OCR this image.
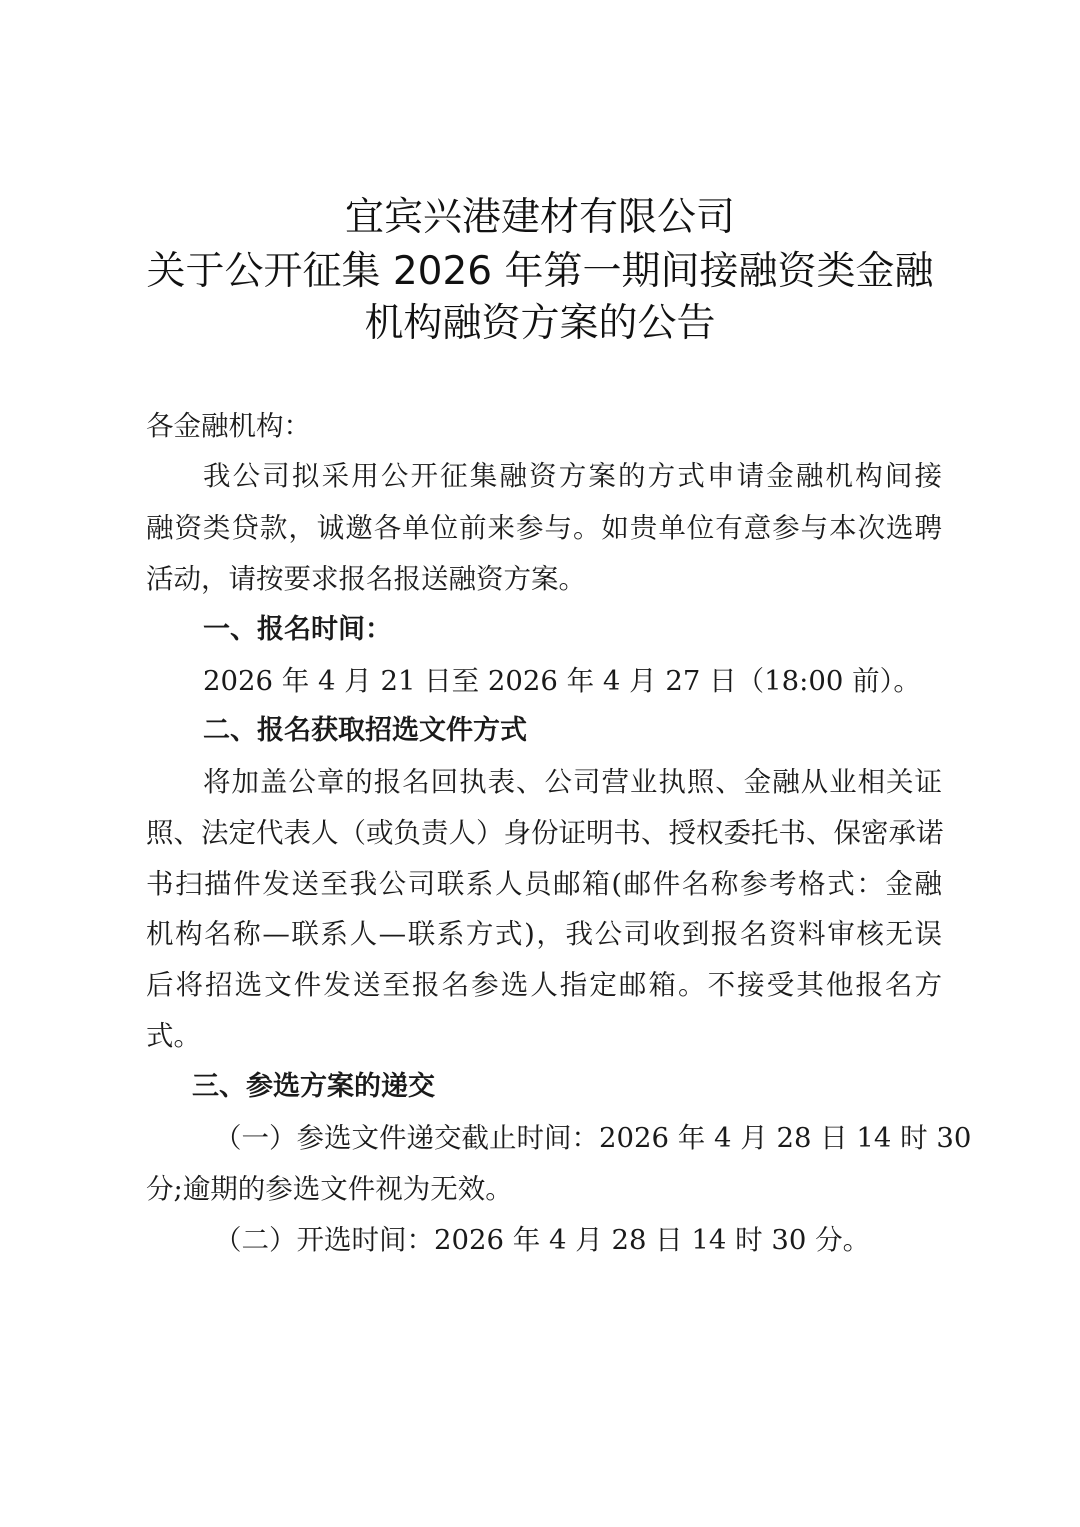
宜宾兴港建材有限公司
关于公开征集 2026 年第一期间接融资类金融
机构融资方案的公告
各金融机构：
我公司拟采用公开征集融资方案的方式申请金融机构间接
融资类贷款，诚邀各单位前来参与。如贵单位有意参与本次选聘
活动，请按要求报名报送融资方案。
一、报名时间：
2026 年 4 月 21 日至 2026 年 4 月 27 日（18:00 前）。
二、报名获取招选文件方式
将加盖公章的报名回执表、公司营业执照、金融从业相关证
照、法定代表人（或负责人）身份证明书、授权委托书、保密承诺
书扫描件发送至我公司联系人员邮箱(邮件名称参考格式：金融
机构名称—联系人—联系方式)，我公司收到报名资料审核无误
后将招选文件发送至报名参选人指定邮箱。不接受其他报名方
式。
三、参选方案的递交
（一）参选文件递交截止时间：2026 年 4 月 28 日 14 时 30
分;逾期的参选文件视为无效。
（二）开选时间：2026 年 4 月 28 日 14 时 30 分。
